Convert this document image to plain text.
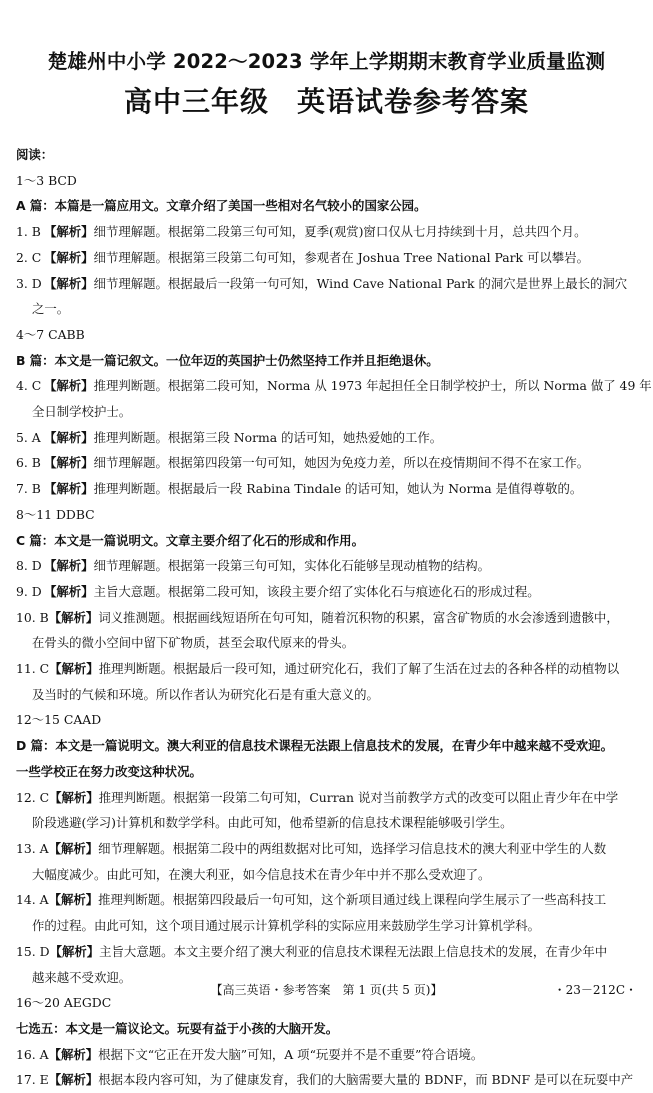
楚雄州中小学 2022～2023 学年上学期期末教育学业质量监测
高中三年级 英语试卷参考答案
阅读：
1～3 BCD
A 篇：本篇是一篇应用文。文章介绍了美国一些相对名气较小的国家公园。
1. B 【解析】细节理解题。根据第二段第三句可知，夏季(观赏)窗口仅从七月持续到十月，总共四个月。
2. C 【解析】细节理解题。根据第三段第二句可知，参观者在 Joshua Tree National Park 可以攀岩。
3. D 【解析】细节理解题。根据最后一段第一句可知，Wind Cave National Park 的洞穴是世界上最长的洞穴
之一。
4～7 CABB
B 篇：本文是一篇记叙文。一位年迈的英国护士仍然坚持工作并且拒绝退休。
4. C 【解析】推理判断题。根据第二段可知，Norma 从 1973 年起担任全日制学校护士，所以 Norma 做了 49 年
全日制学校护士。
5. A 【解析】推理判断题。根据第三段 Norma 的话可知，她热爱她的工作。
6. B 【解析】细节理解题。根据第四段第一句可知，她因为免疫力差，所以在疫情期间不得不在家工作。
7. B 【解析】推理判断题。根据最后一段 Rabina Tindale 的话可知，她认为 Norma 是值得尊敬的。
8～11 DDBC
C 篇：本文是一篇说明文。文章主要介绍了化石的形成和作用。
8. D 【解析】细节理解题。根据第一段第三句可知，实体化石能够呈现动植物的结构。
9. D 【解析】主旨大意题。根据第二段可知，该段主要介绍了实体化石与痕迹化石的形成过程。
10. B【解析】词义推测题。根据画线短语所在句可知，随着沉积物的积累，富含矿物质的水会渗透到遗骸中，
在骨头的微小空间中留下矿物质，甚至会取代原来的骨头。
11. C【解析】推理判断题。根据最后一段可知，通过研究化石，我们了解了生活在过去的各种各样的动植物以
及当时的气候和环境。所以作者认为研究化石是有重大意义的。
12～15 CAAD
D 篇：本文是一篇说明文。澳大利亚的信息技术课程无法跟上信息技术的发展，在青少年中越来越不受欢迎。
一些学校正在努力改变这种状况。
12. C【解析】推理判断题。根据第一段第二句可知，Curran 说对当前教学方式的改变可以阻止青少年在中学
阶段逃避(学习)计算机和数学学科。由此可知，他希望新的信息技术课程能够吸引学生。
13. A【解析】细节理解题。根据第二段中的两组数据对比可知，选择学习信息技术的澳大利亚中学生的人数
大幅度减少。由此可知，在澳大利亚，如今信息技术在青少年中并不那么受欢迎了。
14. A【解析】推理判断题。根据第四段最后一句可知，这个新项目通过线上课程向学生展示了一些高科技工
作的过程。由此可知，这个项目通过展示计算机学科的实际应用来鼓励学生学习计算机学科。
15. D【解析】主旨大意题。本文主要介绍了澳大利亚的信息技术课程无法跟上信息技术的发展，在青少年中
越来越不受欢迎。
16～20 AEGDC
七选五：本文是一篇议论文。玩耍有益于小孩的大脑开发。
16. A【解析】根据下文“它正在开发大脑”可知，A 项“玩耍并不是不重要”符合语境。
17. E【解析】根据本段内容可知，为了健康发育，我们的大脑需要大量的 BDNF，而 BDNF 是可以在玩耍中产
【高三英语・参考答案　第 1 页(共 5 页)】	・23－212C・
